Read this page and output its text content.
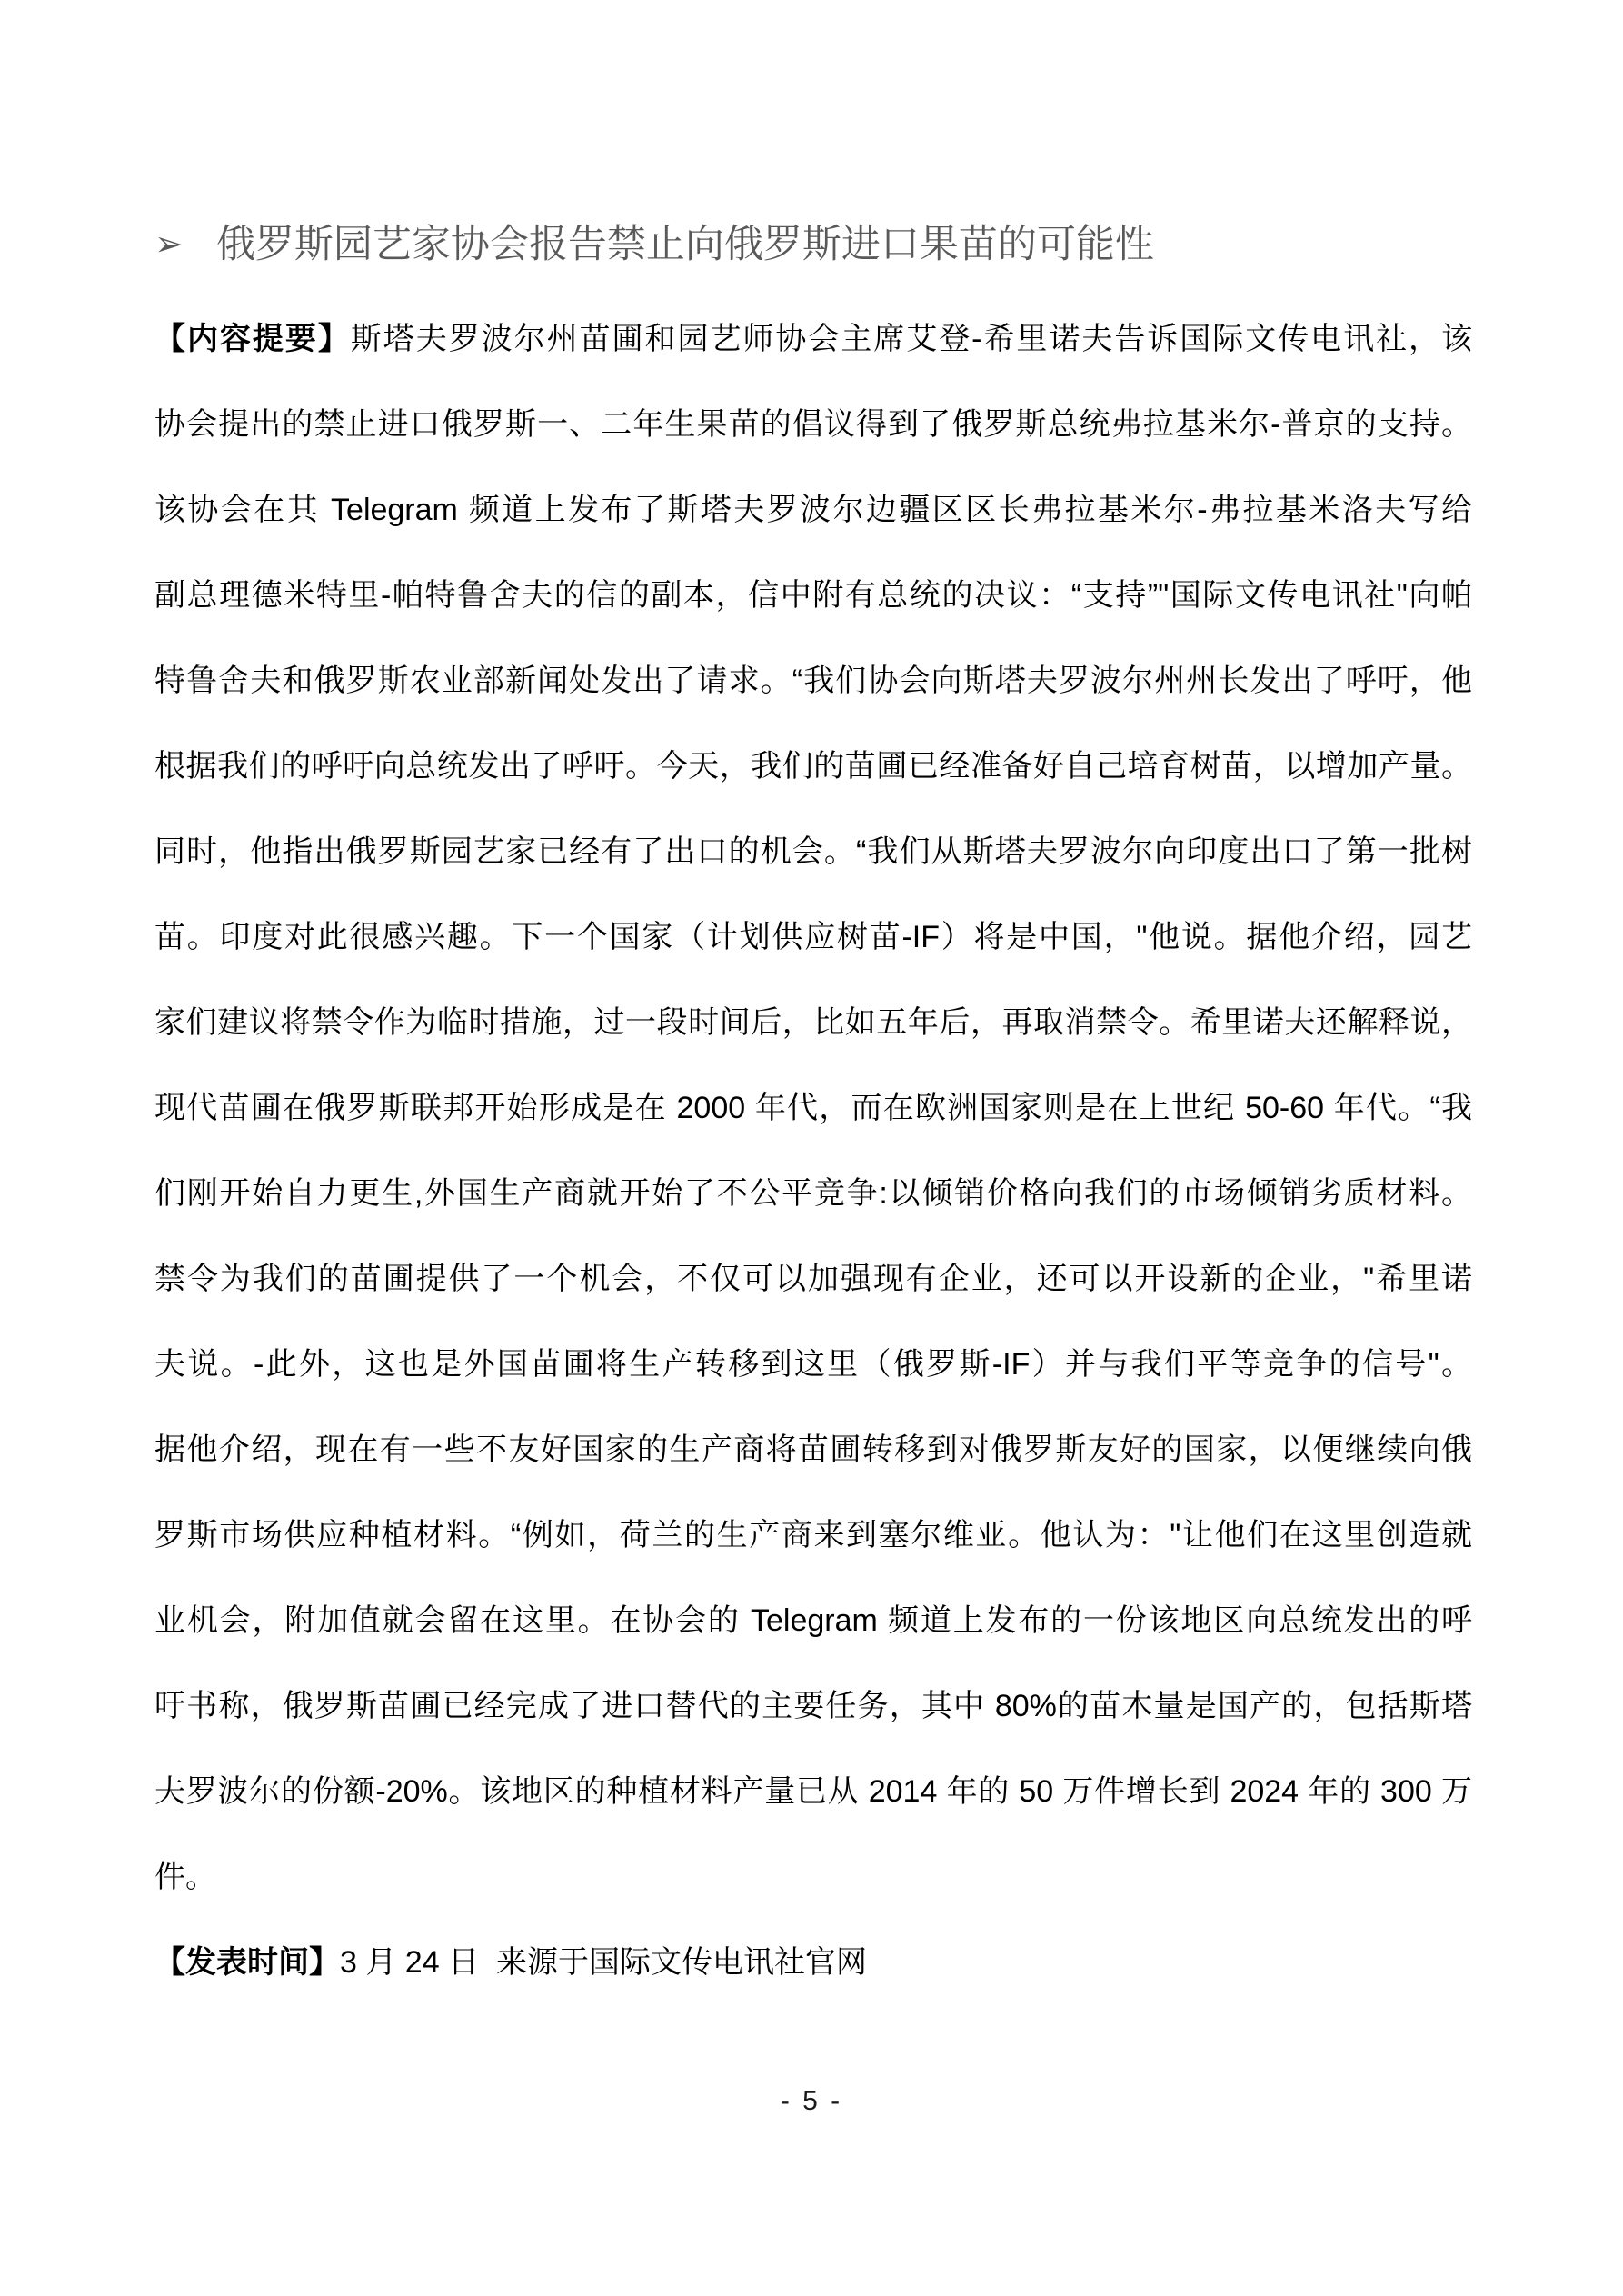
➢ 俄罗斯园艺家协会报告禁止向俄罗斯进口果苗的可能性
【内容提要】斯塔夫罗波尔州苗圃和园艺师协会主席艾登-希里诺夫告诉国际文传电讯社，该
协会提出的禁止进口俄罗斯一、二年生果苗的倡议得到了俄罗斯总统弗拉基米尔-普京的支持。
该协会在其 Telegram 频道上发布了斯塔夫罗波尔边疆区区长弗拉基米尔-弗拉基米洛夫写给
副总理德米特里-帕特鲁舍夫的信的副本，信中附有总统的决议：“支持”"国际文传电讯社"向帕
特鲁舍夫和俄罗斯农业部新闻处发出了请求。“我们协会向斯塔夫罗波尔州州长发出了呼吁，他
根据我们的呼吁向总统发出了呼吁。今天，我们的苗圃已经准备好自己培育树苗，以增加产量。
同时，他指出俄罗斯园艺家已经有了出口的机会。“我们从斯塔夫罗波尔向印度出口了第一批树
苗。印度对此很感兴趣。下一个国家（计划供应树苗-IF）将是中国，"他说。据他介绍，园艺
家们建议将禁令作为临时措施，过一段时间后，比如五年后，再取消禁令。希里诺夫还解释说，
现代苗圃在俄罗斯联邦开始形成是在 2000 年代，而在欧洲国家则是在上世纪 50-60 年代。“我
们刚开始自力更生,外国生产商就开始了不公平竞争:以倾销价格向我们的市场倾销劣质材料。
禁令为我们的苗圃提供了一个机会，不仅可以加强现有企业，还可以开设新的企业，"希里诺
夫说。-此外，这也是外国苗圃将生产转移到这里（俄罗斯-IF）并与我们平等竞争的信号"。
据他介绍，现在有一些不友好国家的生产商将苗圃转移到对俄罗斯友好的国家，以便继续向俄
罗斯市场供应种植材料。“例如，荷兰的生产商来到塞尔维亚。他认为："让他们在这里创造就
业机会，附加值就会留在这里。在协会的 Telegram 频道上发布的一份该地区向总统发出的呼
吁书称，俄罗斯苗圃已经完成了进口替代的主要任务，其中 80%的苗木量是国产的，包括斯塔
夫罗波尔的份额-20%。该地区的种植材料产量已从 2014 年的 50 万件增长到 2024 年的 300 万
件。
【发表时间】3 月 24 日  来源于国际文传电讯社官网
- 5 -
